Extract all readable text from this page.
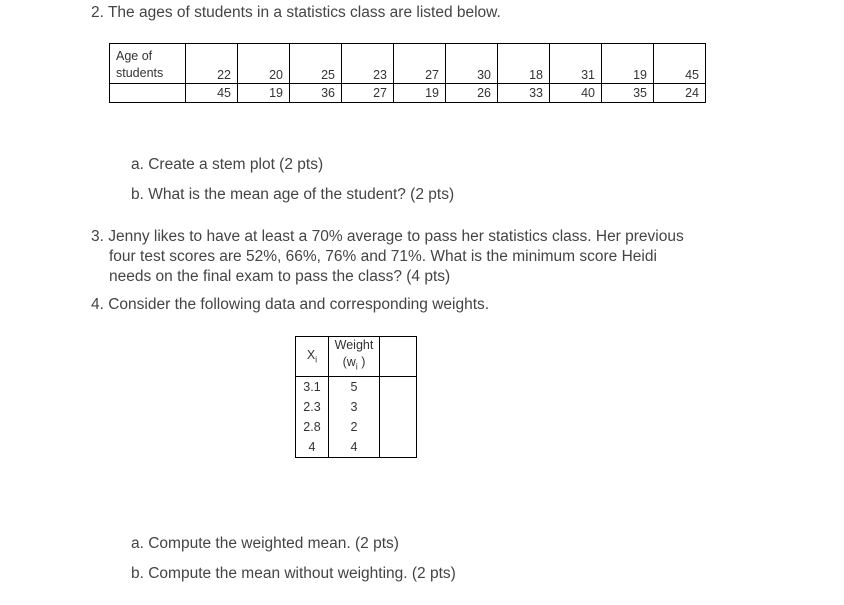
2. The ages of students in a statistics class are listed below.
Age of
students	22	20	25	23	27	30	18	31	19	45
	45	19	36	27	19	26	33	40	35	24
a. Create a stem plot (2 pts)
b. What is the mean age of the student? (2 pts)
3. Jenny likes to have at least a 70% average to pass her statistics class. Her previous four test scores are 52%, 66%, 76% and 71%. What is the minimum score Heidi needs on the final exam to pass the class? (4 pts)
4. Consider the following data and corresponding weights.
$X_i$	Weight
($w_i$ )	
3.1	5	
2.3	3	
2.8	2	
4	4	
a. Compute the weighted mean. (2 pts)
b. Compute the mean without weighting. (2 pts)
